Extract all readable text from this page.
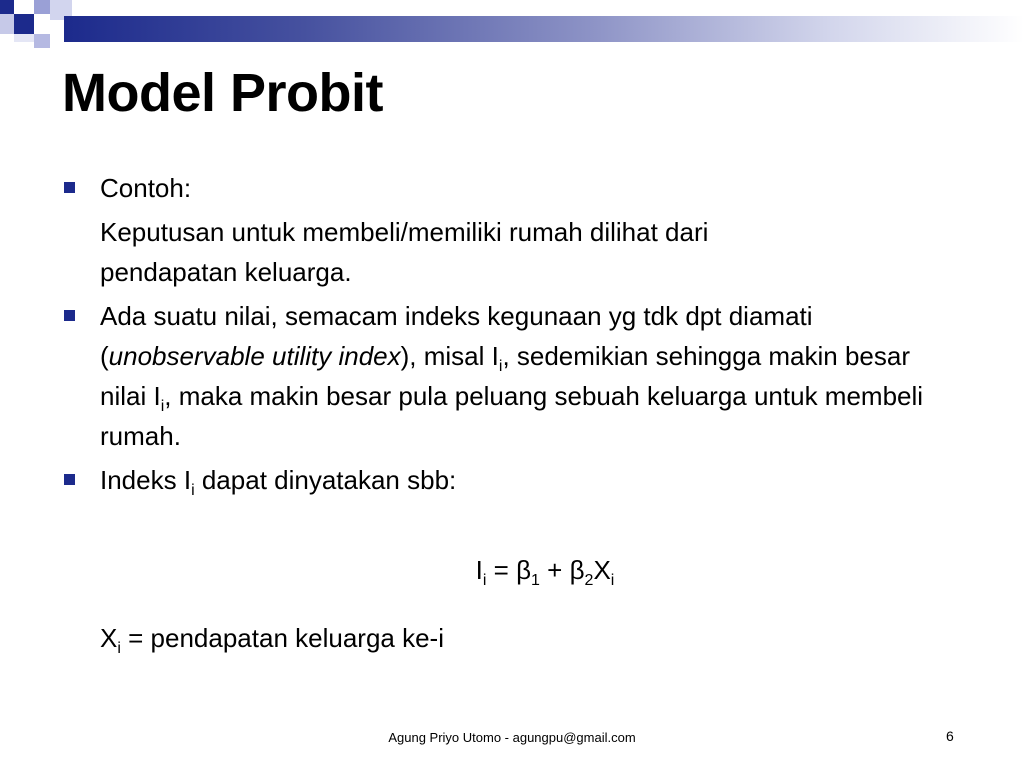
Model Probit
Contoh:
Keputusan untuk membeli/memiliki rumah dilihat dari
pendapatan keluarga.
Ada suatu nilai, semacam indeks kegunaan yg tdk dpt diamati (unobservable utility index), misal $I_i$, sedemikian sehingga makin besar nilai $I_i$, maka makin besar pula peluang sebuah keluarga untuk membeli rumah.
Indeks $I_i$ dapat dinyatakan sbb:
$I_i = \beta_1 + \beta_2X_i$
$X_i$ = pendapatan keluarga ke-i
Agung Priyo Utomo - agungpu@gmail.com	6
